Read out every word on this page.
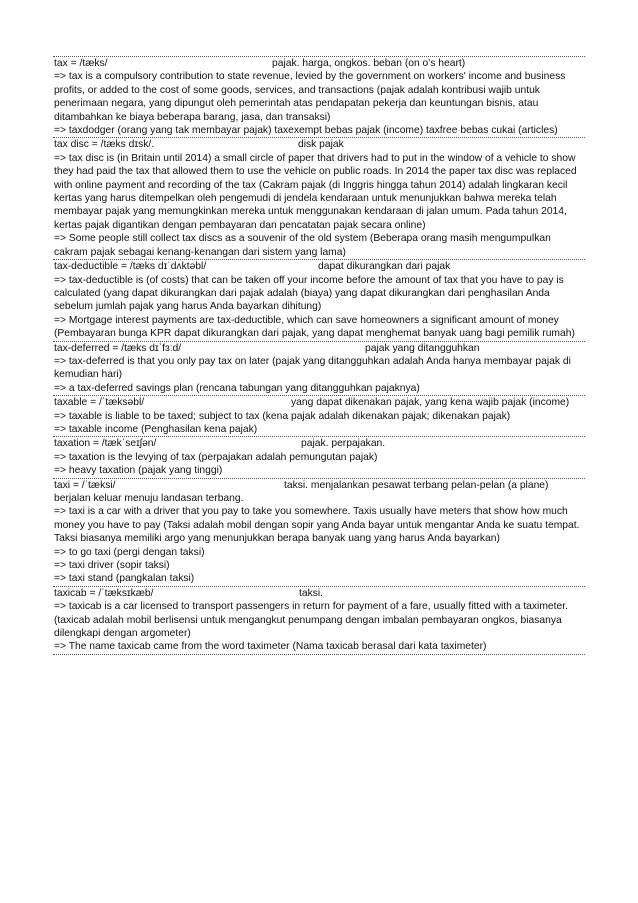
tax = /tæks/	pajak. harga, ongkos. beban (on o's heart)
=> tax is a compulsory contribution to state revenue, levied by the government on workers' income and business profits, or added to the cost of some goods, services, and transactions (pajak adalah kontribusi wajib untuk penerimaan negara, yang dipungut oleh pemerintah atas pendapatan pekerja dan keuntungan bisnis, atau ditambahkan ke biaya beberapa barang, jasa, dan transaksi)
=> taxdodger (orang yang tak membayar pajak) taxexempt bebas pajak (income) taxfree bebas cukai (articles)
tax disc = /tæks dɪsk/.	disk pajak
=> tax disc is (in Britain until 2014) a small circle of paper that drivers had to put in the window of a vehicle to show they had paid the tax that allowed them to use the vehicle on public roads. In 2014 the paper tax disc was replaced with online payment and recording of the tax (Cakram pajak (di Inggris hingga tahun 2014) adalah lingkaran kecil kertas yang harus ditempelkan oleh pengemudi di jendela kendaraan untuk menunjukkan bahwa mereka telah membayar pajak yang memungkinkan mereka untuk menggunakan kendaraan di jalan umum. Pada tahun 2014, kertas pajak digantikan dengan pembayaran dan pencatatan pajak secara online)
=> Some people still collect tax discs as a souvenir of the old system (Beberapa orang masih mengumpulkan cakram pajak sebagai kenang-kenangan dari sistem yang lama)
tax-deductible = /tæks dɪˈdʌktəbl/	dapat dikurangkan dari pajak
=> tax-deductible is (of costs) that can be taken off your income before the amount of tax that you have to pay is calculated (yang dapat dikurangkan dari pajak adalah (biaya) yang dapat dikurangkan dari penghasilan Anda sebelum jumlah pajak yang harus Anda bayarkan dihitung)
=> Mortgage interest payments are tax-deductible, which can save homeowners a significant amount of money (Pembayaran bunga KPR dapat dikurangkan dari pajak, yang dapat menghemat banyak uang bagi pemilik rumah)
tax-deferred = /tæks dɪˈfɜːd/	pajak yang ditangguhkan
=> tax-deferred is that you only pay tax on later (pajak yang ditangguhkan adalah Anda hanya membayar pajak di kemudian hari)
=> a tax-deferred savings plan (rencana tabungan yang ditangguhkan pajaknya)
taxable = /ˈtæksəbl/	yang dapat dikenakan pajak, yang kena wajib pajak (income)
=> taxable is liable to be taxed; subject to tax (kena pajak adalah dikenakan pajak; dikenakan pajak)
=> taxable income (Penghasilan kena pajak)
taxation = /tækˈseɪʃən/	pajak. perpajakan.
=> taxation is the levying of tax (perpajakan adalah pemungutan pajak)
=> heavy taxation (pajak yang tinggi)
taxi = /ˈtæksi/	taksi. menjalankan pesawat terbang pelan-pelan (a plane) berjalan keluar menuju landasan terbang.
=> taxi is a car with a driver that you pay to take you somewhere. Taxis usually have meters that show how much money you have to pay (Taksi adalah mobil dengan sopir yang Anda bayar untuk mengantar Anda ke suatu tempat. Taksi biasanya memiliki argo yang menunjukkan berapa banyak uang yang harus Anda bayarkan)
=> to go taxi (pergi dengan taksi)
=> taxi driver (sopir taksi)
=> taxi stand (pangkalan taksi)
taxicab = /ˈtæksɪkæb/	taksi.
=> taxicab is a car licensed to transport passengers in return for payment of a fare, usually fitted with a taximeter. (taxicab adalah mobil berlisensi untuk mengangkut penumpang dengan imbalan pembayaran ongkos, biasanya dilengkapi dengan argometer)
=> The name taxicab came from the word taximeter (Nama taxicab berasal dari kata taximeter)
